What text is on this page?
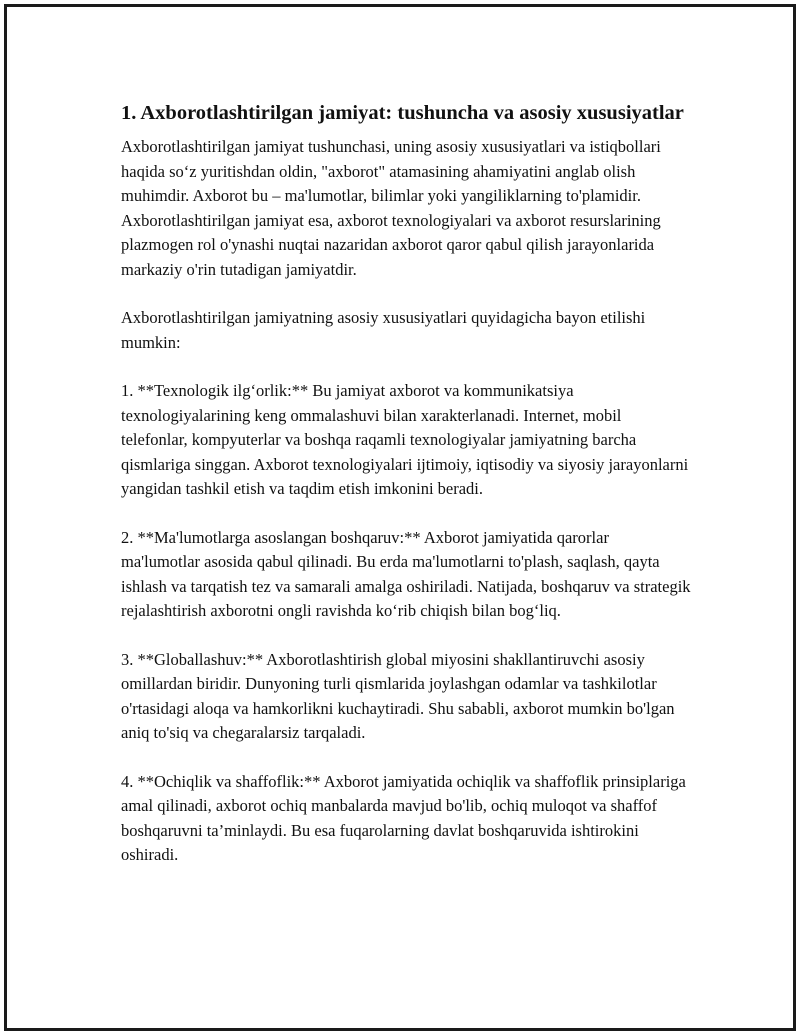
1. Axborotlashtirilgan jamiyat: tushuncha va asosiy xususiyatlar

Axborotlashtirilgan jamiyat tushunchasi, uning asosiy xususiyatlari va istiqbollari haqida soʻz yuritishdan oldin, "axborot" atamasining ahamiyatini anglab olish muhimdir. Axborot bu – ma'lumotlar, bilimlar yoki yangiliklarning to'plamidir. Axborotlashtirilgan jamiyat esa, axborot texnologiyalari va axborot resurslarining plazmogen rol o'ynashi nuqtai nazaridan axborot qaror qabul qilish jarayonlarida markaziy o'rin tutadigan jamiyatdir.

Axborotlashtirilgan jamiyatning asosiy xususiyatlari quyidagicha bayon etilishi mumkin:

1. **Texnologik ilgʻorlik:** Bu jamiyat axborot va kommunikatsiya texnologiyalarining keng ommalashuvi bilan xarakterlanadi. Internet, mobil telefonlar, kompyuterlar va boshqa raqamli texnologiyalar jamiyatning barcha qismlariga singgan. Axborot texnologiyalari ijtimoiy, iqtisodiy va siyosiy jarayonlarni yangidan tashkil etish va taqdim etish imkonini beradi.

2. **Ma'lumotlarga asoslangan boshqaruv:** Axborot jamiyatida qarorlar ma'lumotlar asosida qabul qilinadi. Bu erda ma'lumotlarni to'plash, saqlash, qayta ishlash va tarqatish tez va samarali amalga oshiriladi. Natijada, boshqaruv va strategik rejalashtirish axborotni ongli ravishda koʻrib chiqish bilan bogʻliq.

3. **Globallashuv:** Axborotlashtirish global miyosini shakllantiruvchi asosiy omillardan biridir. Dunyoning turli qismlarida joylashgan odamlar va tashkilotlar o'rtasidagi aloqa va hamkorlikni kuchaytiradi. Shu sababli, axborot mumkin bo'lgan aniq to'siq va chegaralarsiz tarqaladi.

4. **Ochiqlik va shaffoflik:** Axborot jamiyatida ochiqlik va shaffoflik prinsiplariga amal qilinadi, axborot ochiq manbalarda mavjud bo'lib, ochiq muloqot va shaffof boshqaruvni ta’minlaydi. Bu esa fuqarolarning davlat boshqaruvida ishtirokini oshiradi.
